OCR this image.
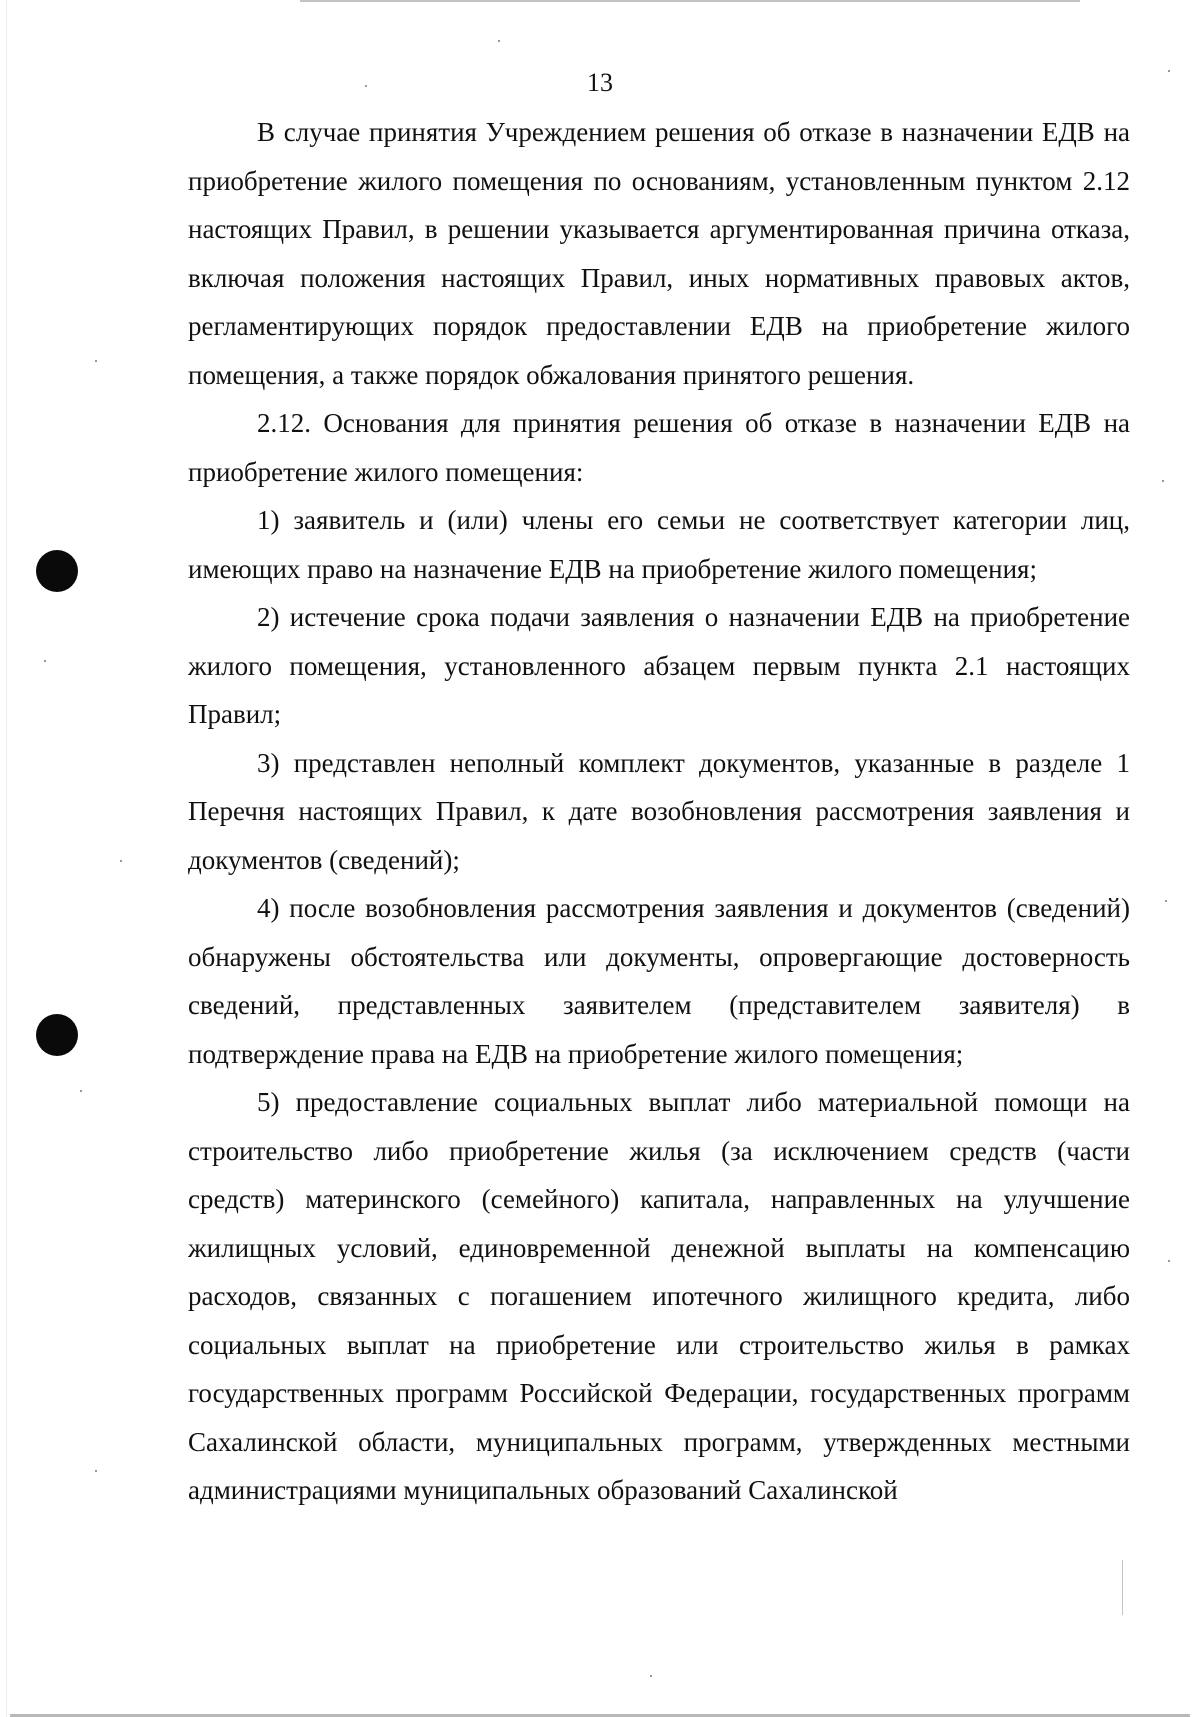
13

В случае принятия Учреждением решения об отказе в назначении ЕДВ на приобретение жилого помещения по основаниям, установленным пунктом 2.12 настоящих Правил, в решении указывается аргументированная причина отказа, включая положения настоящих Правил, иных нормативных правовых актов, регламентирующих порядок предоставлении ЕДВ на приобретение жилого помещения, а также порядок обжалования принятого решения.

2.12. Основания для принятия решения об отказе в назначении ЕДВ на приобретение жилого помещения:

1) заявитель и (или) члены его семьи не соответствует категории лиц, имеющих право на назначение ЕДВ на приобретение жилого помещения;

2) истечение срока подачи заявления о назначении ЕДВ на приобретение жилого помещения, установленного абзацем первым пункта 2.1 настоящих Правил;

3) представлен неполный комплект документов, указанные в разделе 1 Перечня настоящих Правил, к дате возобновления рассмотрения заявления и документов (сведений);

4) после возобновления рассмотрения заявления и документов (сведений) обнаружены обстоятельства или документы, опровергающие достоверность сведений, представленных заявителем (представителем заявителя) в подтверждение права на ЕДВ на приобретение жилого помещения;

5) предоставление социальных выплат либо материальной помощи на строительство либо приобретение жилья (за исключением средств (части средств) материнского (семейного) капитала, направленных на улучшение жилищных условий, единовременной денежной выплаты на компенсацию расходов, связанных с погашением ипотечного жилищного кредита, либо социальных выплат на приобретение или строительство жилья в рамках государственных программ Российской Федерации, государственных программ Сахалинской области, муниципальных программ, утвержденных местными администрациями муниципальных образований Сахалинской
